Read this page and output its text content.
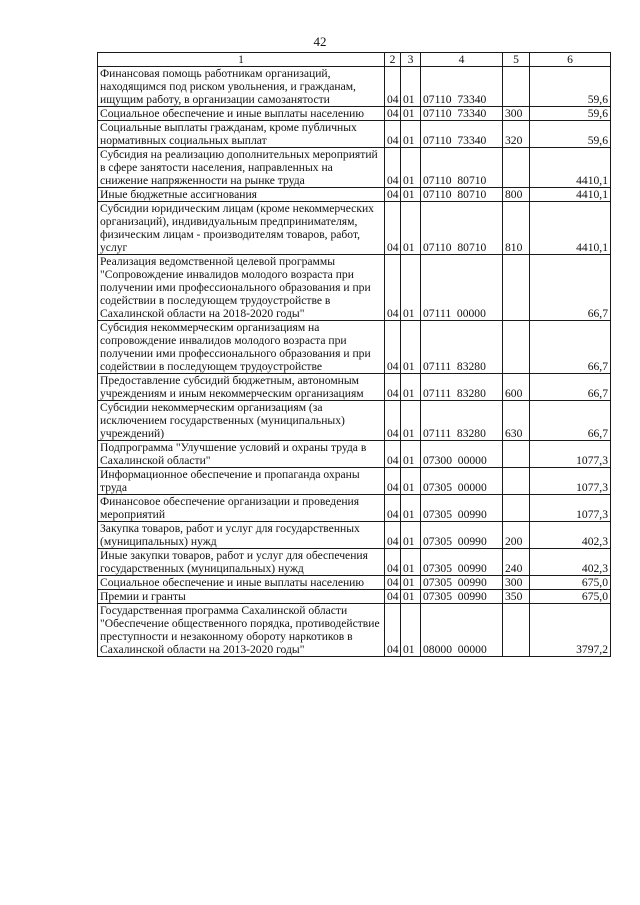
42
1	2	3	4	5	6
Финансовая помощь работникам организаций, находящимся под риском увольнения, и гражданам, ищущим работу, в организации самозанятости	04	01	07110  73340		59,6
Социальное обеспечение и иные выплаты населению	04	01	07110  73340	300	59,6
Социальные выплаты гражданам, кроме публичных нормативных социальных выплат	04	01	07110  73340	320	59,6
Субсидия на реализацию дополнительных мероприятий в сфере занятости населения, направленных на снижение напряженности на рынке труда	04	01	07110  80710		4410,1
Иные бюджетные ассигнования	04	01	07110  80710	800	4410,1
Субсидии юридическим лицам (кроме некоммерческих организаций), индивидуальным предпринимателям, физическим лицам - производителям товаров, работ, услуг	04	01	07110  80710	810	4410,1
Реализация ведомственной целевой программы "Сопровождение инвалидов молодого возраста при получении ими профессионального образования и при содействии в последующем трудоустройстве в Сахалинской области на 2018-2020 годы"	04	01	07111  00000		66,7
Субсидия некоммерческим организациям на сопровождение инвалидов молодого возраста при получении ими профессионального образования и при содействии в последующем трудоустройстве	04	01	07111  83280		66,7
Предоставление субсидий бюджетным, автономным учреждениям и иным некоммерческим организациям	04	01	07111  83280	600	66,7
Субсидии некоммерческим организациям (за исключением государственных (муниципальных) учреждений)	04	01	07111  83280	630	66,7
Подпрограмма "Улучшение условий и охраны труда в Сахалинской области"	04	01	07300  00000		1077,3
Информационное обеспечение и пропаганда охраны труда	04	01	07305  00000		1077,3
Финансовое обеспечение организации и проведения мероприятий	04	01	07305  00990		1077,3
Закупка товаров, работ и услуг для государственных (муниципальных) нужд	04	01	07305  00990	200	402,3
Иные закупки товаров, работ и услуг для обеспечения государственных (муниципальных) нужд	04	01	07305  00990	240	402,3
Социальное обеспечение и иные выплаты населению	04	01	07305  00990	300	675,0
Премии и гранты	04	01	07305  00990	350	675,0
Государственная программа Сахалинской области "Обеспечение общественного порядка, противодействие преступности и незаконному обороту наркотиков в Сахалинской области на 2013-2020 годы"	04	01	08000  00000		3797,2
